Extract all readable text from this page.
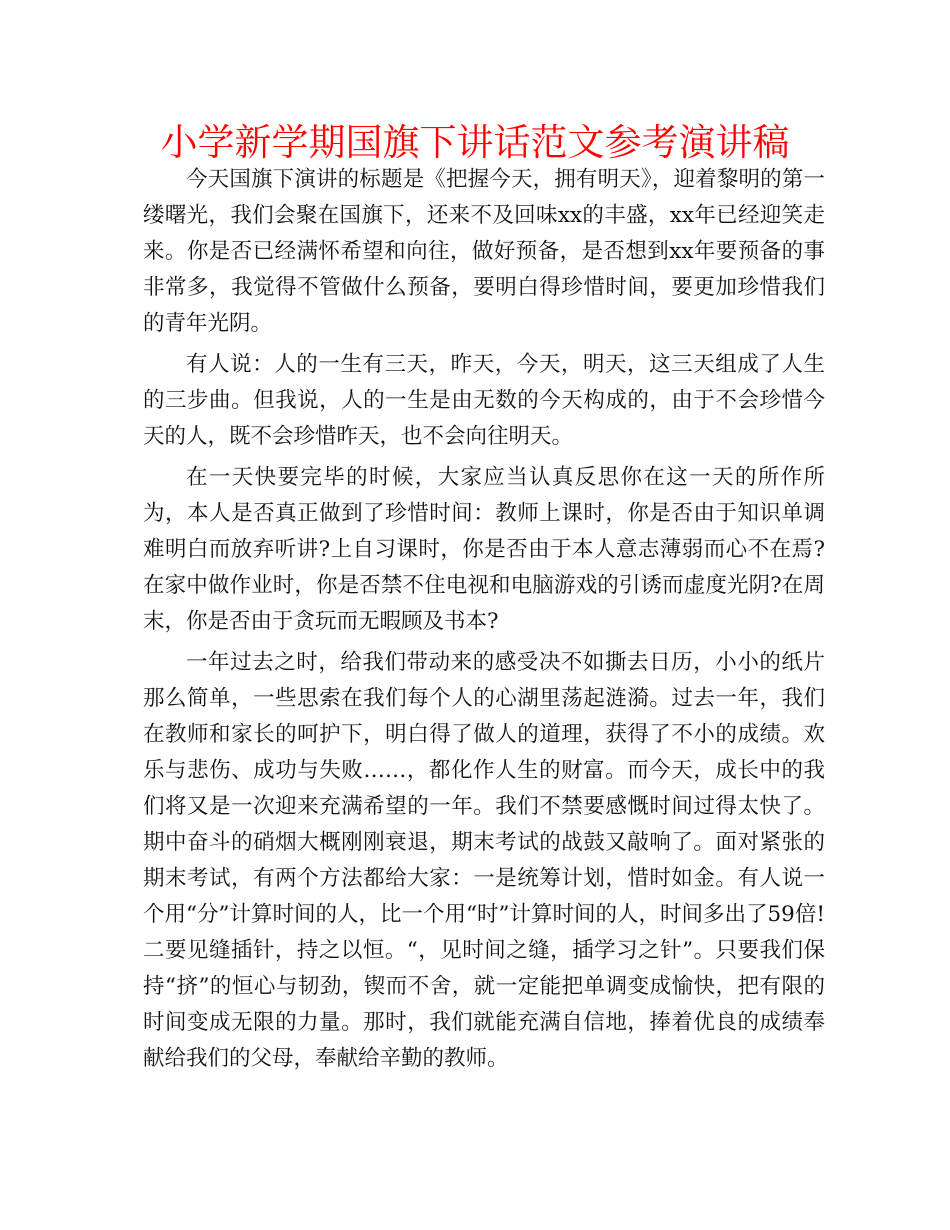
小学新学期国旗下讲话范文参考演讲稿

今天国旗下演讲的标题是《把握今天，拥有明天》，迎着黎明的第一缕曙光，我们会聚在国旗下，还来不及回味xx的丰盛，xx年已经迎笑走来。你是否已经满怀希望和向往，做好预备，是否想到xx年要预备的事非常多，我觉得不管做什么预备，要明白得珍惜时间，要更加珍惜我们的青年光阴。

有人说：人的一生有三天，昨天，今天，明天，这三天组成了人生的三步曲。但我说，人的一生是由无数的今天构成的，由于不会珍惜今天的人，既不会珍惜昨天，也不会向往明天。

在一天快要完毕的时候，大家应当认真反思你在这一天的所作所为，本人是否真正做到了珍惜时间：教师上课时，你是否由于知识单调难明白而放弃听讲?上自习课时，你是否由于本人意志薄弱而心不在焉?在家中做作业时，你是否禁不住电视和电脑游戏的引诱而虚度光阴?在周末，你是否由于贪玩而无暇顾及书本?

一年过去之时，给我们带动来的感受决不如撕去日历，小小的纸片那么简单，一些思索在我们每个人的心湖里荡起涟漪。过去一年，我们在教师和家长的呵护下，明白得了做人的道理，获得了不小的成绩。欢乐与悲伤、成功与失败……，都化作人生的财富。而今天，成长中的我们将又是一次迎来充满希望的一年。我们不禁要感慨时间过得太快了。期中奋斗的硝烟大概刚刚衰退，期末考试的战鼓又敲响了。面对紧张的期末考试，有两个方法都给大家：一是统筹计划，惜时如金。有人说一个用“分”计算时间的人，比一个用“时”计算时间的人，时间多出了59倍!二要见缝插针，持之以恒。“，见时间之缝，插学习之针”。只要我们保持“挤”的恒心与韧劲，锲而不舍，就一定能把单调变成愉快，把有限的时间变成无限的力量。那时，我们就能充满自信地，捧着优良的成绩奉献给我们的父母，奉献给辛勤的教师。
